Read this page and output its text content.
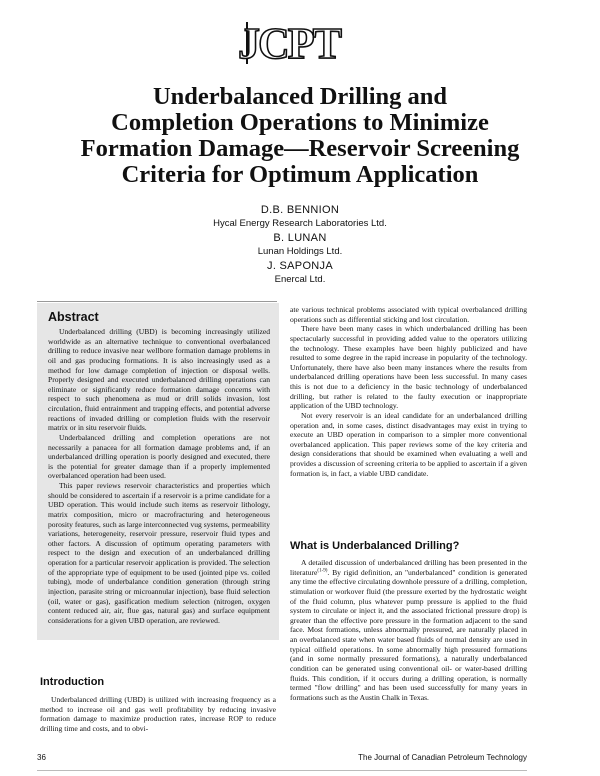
JCPT
Underbalanced Drilling and
Completion Operations to Minimize
Formation Damage—Reservoir Screening
Criteria for Optimum Application
D.B. BENNION
Hycal Energy Research Laboratories Ltd.
B. LUNAN
Lunan Holdings Ltd.
J. SAPONJA
Enercal Ltd.
Abstract

Underbalanced drilling (UBD) is becoming increasingly utilized worldwide as an alternative technique to conventional overbalanced drilling to reduce invasive near wellbore formation damage problems in oil and gas producing formations. It is also increasingly used as a method for low damage completion of injection or disposal wells. Properly designed and executed underbalanced drilling operations can eliminate or significantly reduce formation damage concerns with respect to such phenomena as mud or drill solids invasion, lost circulation, fluid entrainment and trapping effects, and potential adverse reactions of invaded drilling or completion fluids with the reservoir matrix or in situ reservoir fluids.

Underbalanced drilling and completion operations are not necessarily a panacea for all formation damage problems and, if an underbalanced drilling operation is poorly designed and executed, there is the potential for greater damage than if a properly implemented overbalanced operation had been used.

This paper reviews reservoir characteristics and properties which should be considered to ascertain if a reservoir is a prime candidate for a UBD operation. This would include such items as reservoir lithology, matrix composition, micro or macrofracturing and heterogeneous porosity features, such as large interconnected vug systems, permeability variations, heterogeneity, reservoir pressure, reservoir fluid types and other factors. A discussion of optimum operating parameters with respect to the design and execution of an underbalanced drilling operation for a particular reservoir application is provided. The selection of the appropriate type of equipment to be used (jointed pipe vs. coiled tubing), mode of underbalance condition generation (through string injection, parasite string or microannular injection), base fluid selection (oil, water or gas), gasification medium selection (nitrogen, oxygen content reduced air, air, flue gas, natural gas) and surface equipment considerations for a given UBD operation, are reviewed.

Introduction

Underbalanced drilling (UBD) is utilized with increasing frequency as a method to increase oil and gas well profitability by reducing invasive formation damage to maximize production rates, increase ROP to reduce drilling time and costs, and to obvi-

ate various technical problems associated with typical overbalanced drilling operations such as differential sticking and lost circulation.

There have been many cases in which underbalanced drilling has been spectacularly successful in providing added value to the operators utilizing the technology. These examples have been highly publicized and have resulted to some degree in the rapid increase in popularity of the technology. Unfortunately, there have also been many instances where the results from underbalanced drilling operations have been less successful. In many cases this is not due to a deficiency in the basic technology of underbalanced drilling, but rather is related to the faulty execution or inappropriate application of the UBD technology.

Not every reservoir is an ideal candidate for an underbalanced drilling operation and, in some cases, distinct disadvantages may exist in trying to execute an UBD operation in comparison to a simpler more conventional overbalanced application. This paper reviews some of the key criteria and design considerations that should be examined when evaluating a well and provides a discussion of screening criteria to be applied to ascertain if a given formation is, in fact, a viable UBD candidate.

What is Underbalanced Drilling?

A detailed discussion of underbalanced drilling has been presented in the literature$^{(1-9)}$. By rigid definition, an "underbalanced" condition is generated any time the effective circulating downhole pressure of a drilling, completion, stimulation or workover fluid (the pressure exerted by the hydrostatic weight of the fluid column, plus whatever pump pressure is applied to the fluid system to circulate or inject it, and the associated frictional pressure drop) is greater than the effective pore pressure in the formation adjacent to the sand face. Most formations, unless abnormally pressured, are naturally placed in an overbalanced state when water based fluids of normal density are used in typical oilfield operations. In some abnormally high pressured formations (and in some normally pressured formations), a naturally underbalanced condition can be generated using conventional oil- or water-based drilling fluids. This condition, if it occurs during a drilling operation, is normally termed "flow drilling" and has been used successfully for many years in formations such as the Austin Chalk in Texas.

36	The Journal of Canadian Petroleum Technology
